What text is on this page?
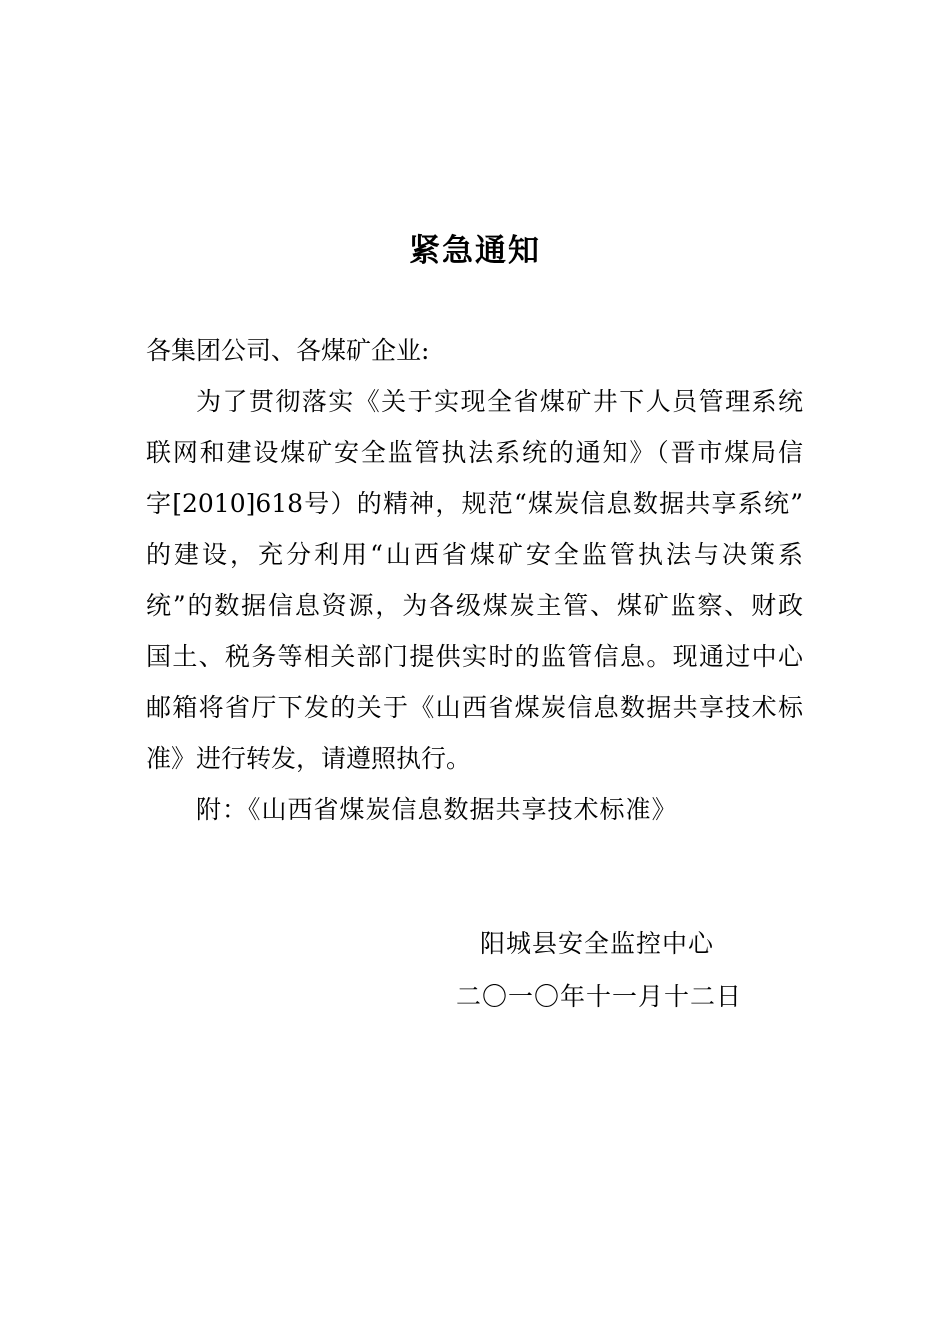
紧急通知
各集团公司、各煤矿企业:
为了贯彻落实《关于实现全省煤矿井下人员管理系统
联网和建设煤矿安全监管执法系统的通知》（晋市煤局信
字[2010]618号）的精神，规范“煤炭信息数据共享系统”
的建设，充分利用“山西省煤矿安全监管执法与决策系
统”的数据信息资源，为各级煤炭主管、煤矿监察、财政
国土、税务等相关部门提供实时的监管信息。现通过中心
邮箱将省厅下发的关于《山西省煤炭信息数据共享技术标
准》进行转发，请遵照执行。
附：《山西省煤炭信息数据共享技术标准》
阳城县安全监控中心
二〇一〇年十一月十二日
